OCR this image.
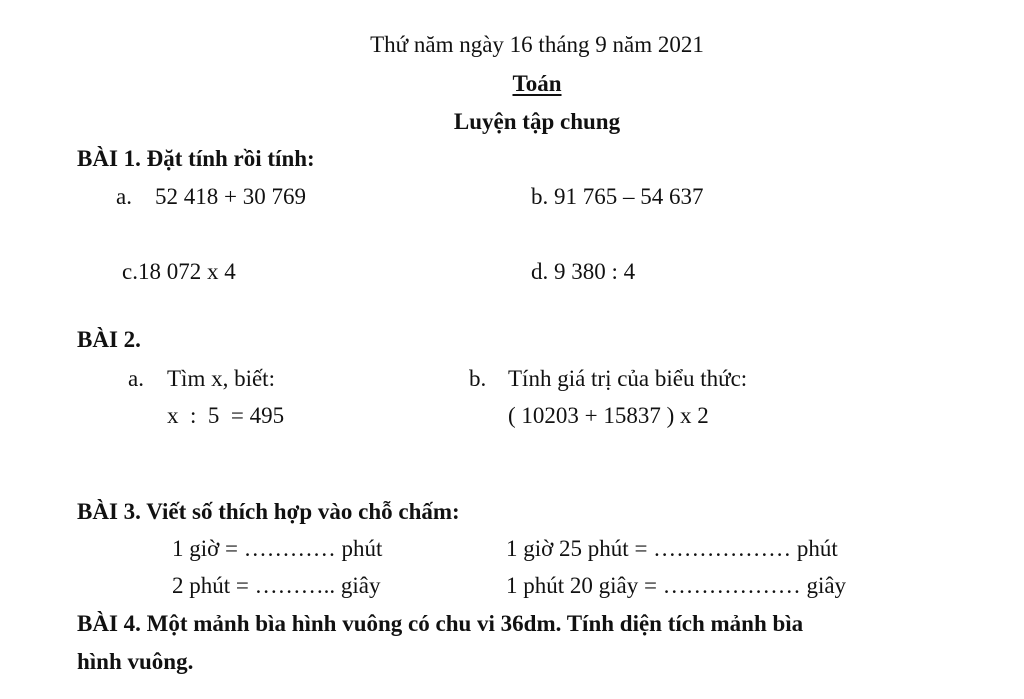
Thứ năm ngày 16 tháng 9 năm 2021
Toán
Luyện tập chung
BÀI 1. Đặt tính rồi tính:
a. 52 418 + 30 769	b. 91 765 – 54 637
c.18 072 x 4	d. 9 380 : 4
BÀI 2.
a. Tìm x, biết:
x  :  5  = 495
b. Tính giá trị của biểu thức:
( 10203 + 15837 ) x 2
BÀI 3. Viết số thích hợp vào chỗ chấm:
1 giờ = ………… phút	1 giờ 25 phút = ……………… phút
2 phút = ……….. giây	1 phút 20 giây = ……………… giây
BÀI 4. Một mảnh bìa hình vuông có chu vi 36dm. Tính diện tích mảnh bìa
hình vuông.
